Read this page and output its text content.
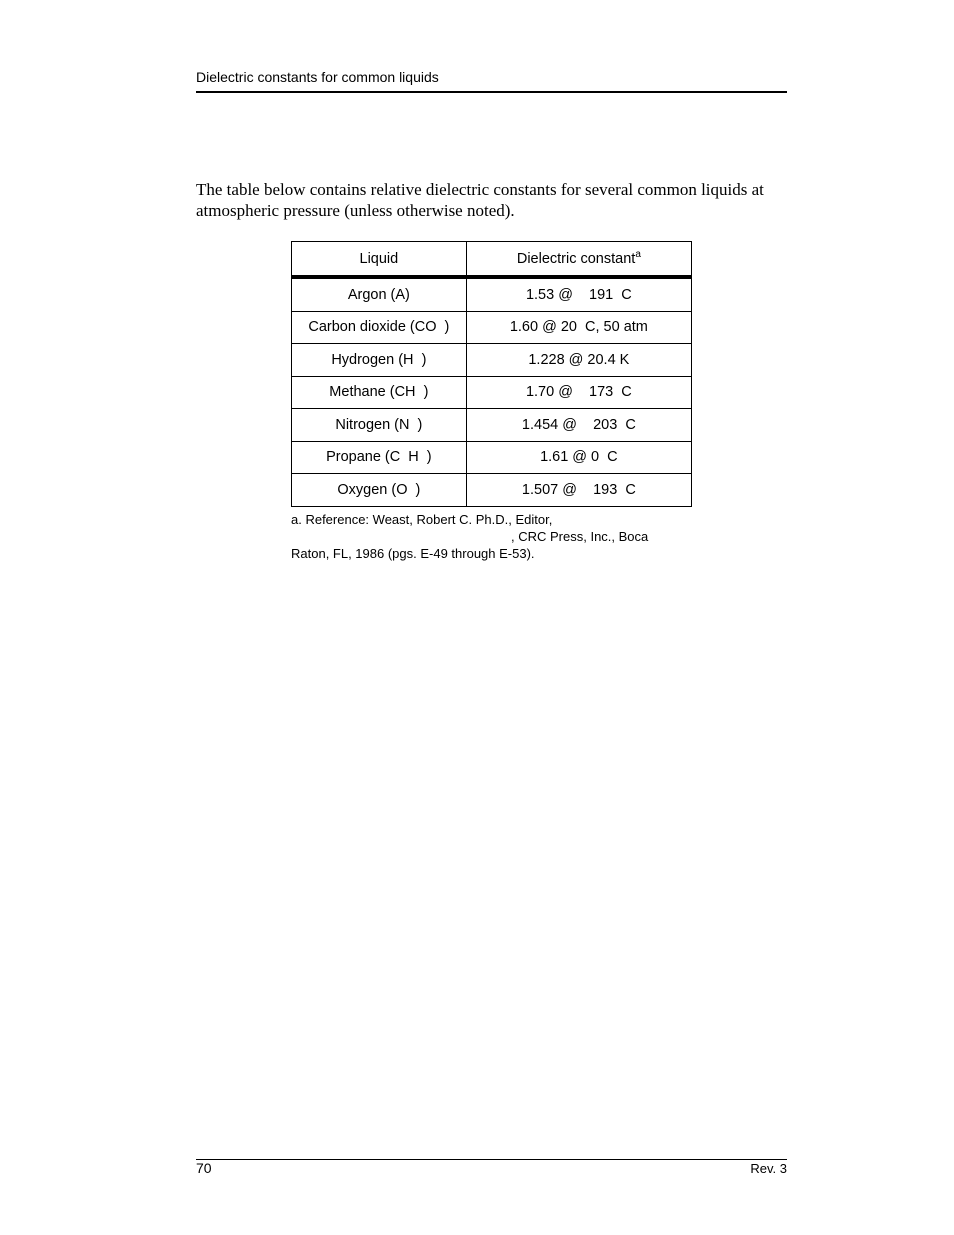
Dielectric constants for common liquids

The table below contains relative dielectric constants for several common liquids at atmospheric pressure (unless otherwise noted).

Liquid	Dielectric constant$^a$
Argon (A)	1.53 @    191  C
Carbon dioxide (CO  )	1.60 @ 20  C, 50 atm
Hydrogen (H  )	1.228 @ 20.4 K
Methane (CH  )	1.70 @    173  C
Nitrogen (N  )	1.454 @    203  C
Propane (C  H  )	1.61 @ 0  C
Oxygen (O  )	1.507 @    193  C
a. Reference: Weast, Robert C. Ph.D., Editor,
, CRC Press, Inc., Boca
Raton, FL, 1986 (pgs. E-49 through E-53).
70	Rev. 3
